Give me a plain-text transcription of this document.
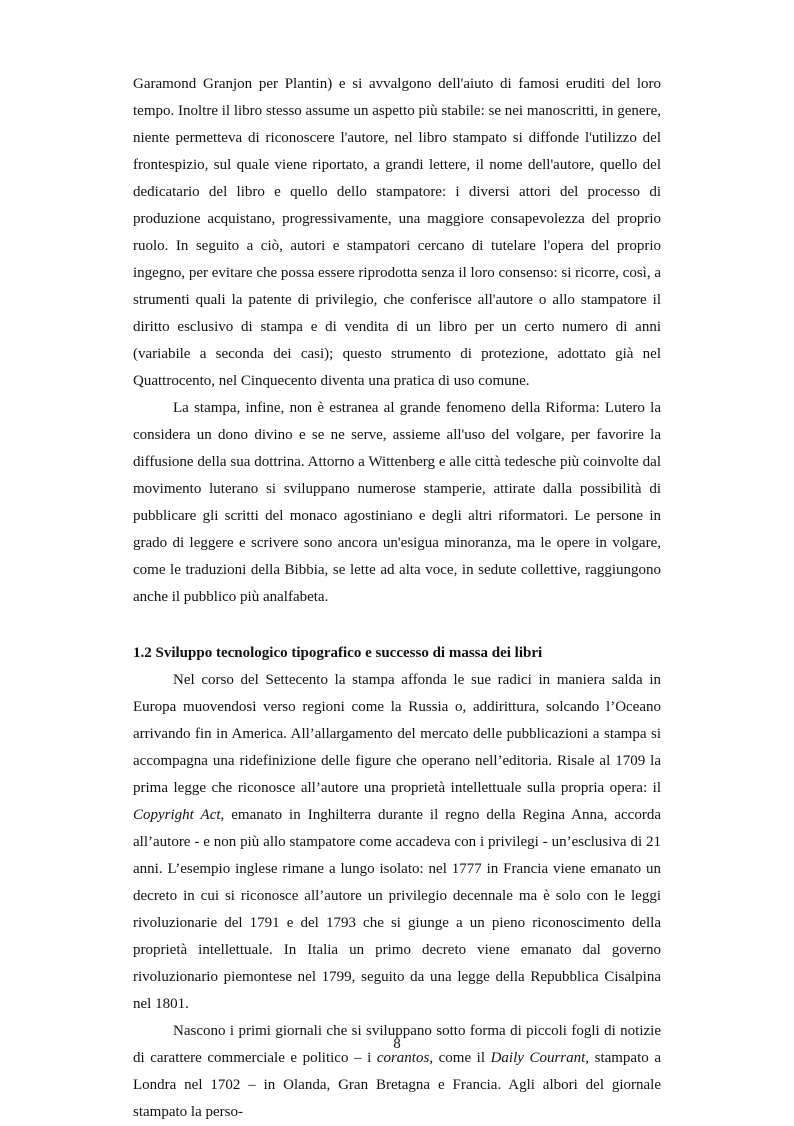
Garamond Granjon per Plantin) e si avvalgono dell'aiuto di famosi eruditi del loro tempo. Inoltre il libro stesso assume un aspetto più stabile: se nei manoscritti, in genere, niente permetteva di riconoscere l'autore, nel libro stampato si diffonde l'utilizzo del frontespizio, sul quale viene riportato, a grandi lettere, il nome dell'autore, quello del dedicatario del libro e quello dello stampatore: i diversi attori del processo di produzione acquistano, progressivamente, una maggiore consapevolezza del proprio ruolo. In seguito a ciò, autori e stampatori cercano di tutelare l'opera del proprio ingegno, per evitare che possa essere riprodotta senza il loro consenso: si ricorre, così, a strumenti quali la patente di privilegio, che conferisce all'autore o allo stampatore il diritto esclusivo di stampa e di vendita di un libro per un certo numero di anni (variabile a seconda dei casi); questo strumento di protezione, adottato già nel Quattrocento, nel Cinquecento diventa una pratica di uso comune.

La stampa, infine, non è estranea al grande fenomeno della Riforma: Lutero la considera un dono divino e se ne serve, assieme all'uso del volgare, per favorire la diffusione della sua dottrina. Attorno a Wittenberg e alle città tedesche più coinvolte dal movimento luterano si sviluppano numerose stamperie, attirate dalla possibilità di pubblicare gli scritti del monaco agostiniano e degli altri riformatori. Le persone in grado di leggere e scrivere sono ancora un'esigua minoranza, ma le opere in volgare, come le traduzioni della Bibbia, se lette ad alta voce, in sedute collettive, raggiungono anche il pubblico più analfabeta.

1.2 Sviluppo tecnologico tipografico e successo di massa dei libri

Nel corso del Settecento la stampa affonda le sue radici in maniera salda in Europa muovendosi verso regioni come la Russia o, addirittura, solcando l’Oceano arrivando fin in America. All’allargamento del mercato delle pubblicazioni a stampa si accompagna una ridefinizione delle figure che operano nell’editoria. Risale al 1709 la prima legge che riconosce all’autore una proprietà intellettuale sulla propria opera: il Copyright Act, emanato in Inghilterra durante il regno della Regina Anna, accorda all’autore - e non più allo stampatore come accadeva con i privilegi - un’esclusiva di 21 anni. L’esempio inglese rimane a lungo isolato: nel 1777 in Francia viene emanato un decreto in cui si riconosce all’autore un privilegio decennale ma è solo con le leggi rivoluzionarie del 1791 e del 1793 che si giunge a un pieno riconoscimento della proprietà intellettuale. In Italia un primo decreto viene emanato dal governo rivoluzionario piemontese nel 1799, seguito da una legge della Repubblica Cisalpina nel 1801.

Nascono i primi giornali che si sviluppano sotto forma di piccoli fogli di notizie di carattere commerciale e politico – i corantos, come il Daily Courrant, stampato a Londra nel 1702 – in Olanda, Gran Bretagna e Francia. Agli albori del giornale stampato la perso-

8
